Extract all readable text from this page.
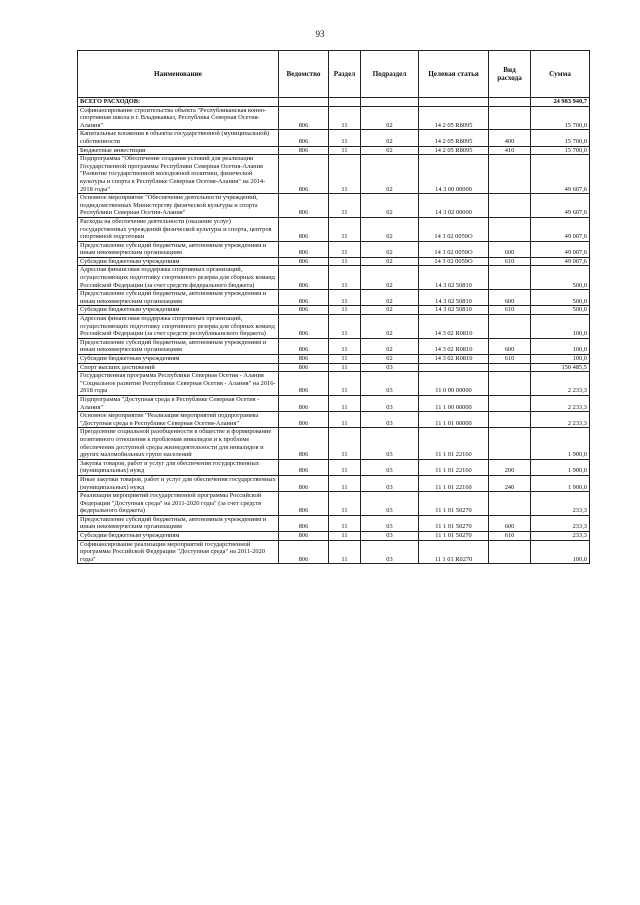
93
Наименование	Ведомство	Раздел	Подраздел	Целевая статья	Вид расхода	Сумма
ВСЕГО РАСХОДОВ:						24 983 940,7
Софинансирование строительства объекта "Республиканская конно-спортивная школа в г. Владикавказ, Республика Северная Осетия-Алания"	806	11	02	14 2 05 R8095		15 700,0
Капитальные вложения в объекты государственной (муниципальной) собственности	806	11	02	14 2 05 R8095	400	15 700,0
Бюджетные инвестиции	806	11	02	14 2 05 R8095	410	15 700,0
Подпрограмма "Обеспечение создания условий для реализации Государственной программы Республики Северная Осетия-Алания "Развитие государственной молодежной политики, физической культуры и спорта в Республике Северная Осетия-Алания" на 2014-2018 годы"	806	11	02	14 3 00 00000		49 607,6
Основное мероприятие "Обеспечение деятельности учреждений, подведомственных Министерству физической культуры и спорта Республики Северная Осетия-Алания"	806	11	02	14 3 02 00000		49 607,6
Расходы на обеспечение деятельности (оказание услуг) государственных учреждений физической культуры и спорта, центров спортивной подготовки	806	11	02	14 3 02 0059О		49 007,6
Предоставление субсидий бюджетным, автономным учреждениям и иным некоммерческим организациям	806	11	02	14 3 02 0059О	600	49 007,6
Субсидии бюджетным учреждениям	806	11	02	14 3 02 0059О	610	49 007,6
Адресная финансовая поддержка спортивных организаций, осуществляющих подготовку спортивного резерва для сборных команд Российской Федерации (за счет средств федерального бюджета)	806	11	02	14 3 02 50810		500,0
Предоставление субсидий бюджетным, автономным учреждениям и иным некоммерческим организациям	806	11	02	14 3 02 50810	600	500,0
Субсидии бюджетным учреждениям	806	11	02	14 3 02 50810	610	500,0
Адресная финансовая поддержка спортивных организаций, осуществляющих подготовку спортивного резерва для сборных команд Российской Федерации (за счет средств республиканского бюджета)	806	11	02	14 3 02 R0810		100,0
Предоставление субсидий бюджетным, автономным учреждениям и иным некоммерческим организациям	806	11	02	14 3 02 R0810	600	100,0
Субсидии бюджетным учреждениям	806	11	02	14 3 02 R0810	610	100,0
Спорт высших достижений	806	11	03			150 485,5
Государственная программа Республики Северная Осетия - Алания "Социальное развитие Республики Северная Осетия - Алания" на 2016-2018 годы	806	11	03	11 0 00 00000		2 233,3
Подпрограмма "Доступная среда в Республике Северная Осетия - Алания"	806	11	03	11 1 00 00000		2 233,3
Основное мероприятие "Реализация мероприятий подпрограммы "Доступная среда в Республике Северная Осетия-Алания"	806	11	03	11 1 01 00000		2 233,3
Преодоление социальной разобщенности в обществе и формирование позитивного отношения к проблемам инвалидов и к проблеме обеспечения доступной среды жизнедеятельности для инвалидов и других маломобильных групп населений	806	11	03	11 1 01 22160		1 900,0
Закупка товаров, работ и услуг для обеспечения государственных (муниципальных) нужд	806	11	03	11 1 01 22160	200	1 900,0
Иные закупки товаров, работ и услуг для обеспечения государственных (муниципальных) нужд	806	11	03	11 1 01 22160	240	1 900,0
Реализация мероприятий государственной программы Российской Федерации "Доступная среда" на 2011-2020 годы" (за счет средств федерального бюджета)	806	11	03	11 1 01 50270		233,3
Предоставление субсидий бюджетным, автономным учреждениям и иным некоммерческим организациям	806	11	03	11 1 01 50270	600	233,3
Субсидии бюджетным учреждениям	806	11	03	11 1 01 50270	610	233,3
Софинансирование реализации мероприятий государственной программы Российской Федерации "Доступная среда" на 2011-2020 годы"	806	11	03	11 1 01 R0270		100,0
